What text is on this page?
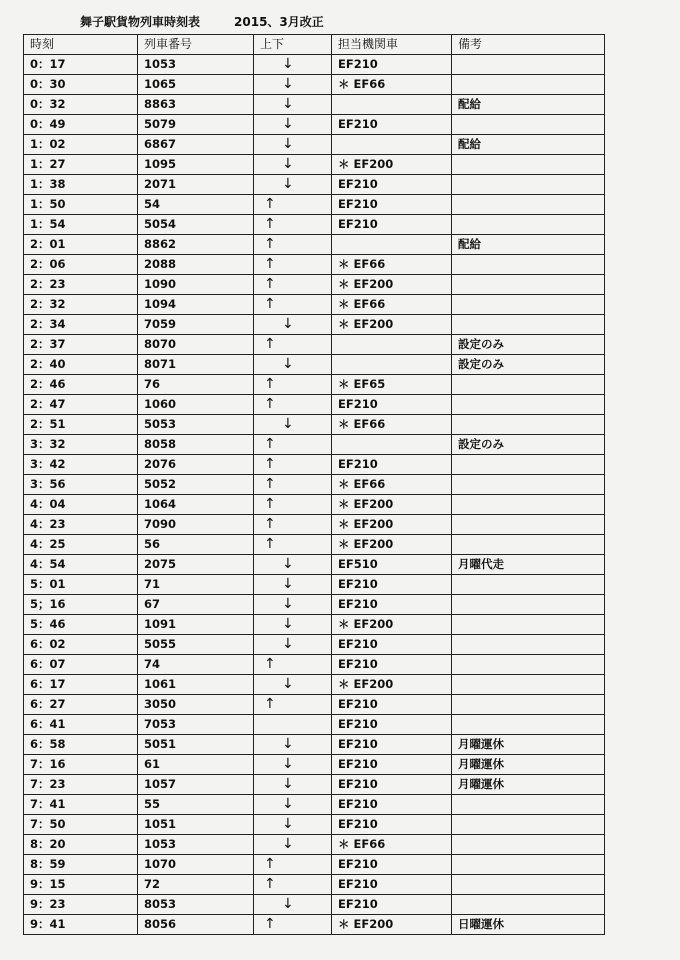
舞子駅貨物列車時刻表	2015、3月改正
時刻	列車番号	上下	担当機関車	備考
0：17	1053	↓	EF210	
0：30	1065	↓	＊ EF66	
0：32	8863	↓		配給
0：49	5079	↓	EF210	
1：02	6867	↓		配給
1：27	1095	↓	＊ EF200	
1：38	2071	↓	EF210	
1：50	54	↑	EF210	
1：54	5054	↑	EF210	
2：01	8862	↑		配給
2：06	2088	↑	＊ EF66	
2：23	1090	↑	＊ EF200	
2：32	1094	↑	＊ EF66	
2：34	7059	↓	＊ EF200	
2：37	8070	↑		設定のみ
2：40	8071	↓		設定のみ
2：46	76	↑	＊ EF65	
2：47	1060	↑	EF210	
2：51	5053	↓	＊ EF66	
3：32	8058	↑		設定のみ
3：42	2076	↑	EF210	
3：56	5052	↑	＊ EF66	
4：04	1064	↑	＊ EF200	
4：23	7090	↑	＊ EF200	
4：25	56	↑	＊ EF200	
4：54	2075	↓	EF510	月曜代走
5：01	71	↓	EF210	
5；16	67	↓	EF210	
5：46	1091	↓	＊ EF200	
6：02	5055	↓	EF210	
6：07	74	↑	EF210	
6：17	1061	↓	＊ EF200	
6：27	3050	↑	EF210	
6：41	7053		EF210	
6：58	5051	↓	EF210	月曜運休
7：16	61	↓	EF210	月曜運休
7：23	1057	↓	EF210	月曜運休
7：41	55	↓	EF210	
7：50	1051	↓	EF210	
8：20	1053	↓	＊ EF66	
8：59	1070	↑	EF210	
9：15	72	↑	EF210	
9：23	8053	↓	EF210	
9：41	8056	↑	＊ EF200	日曜運休
